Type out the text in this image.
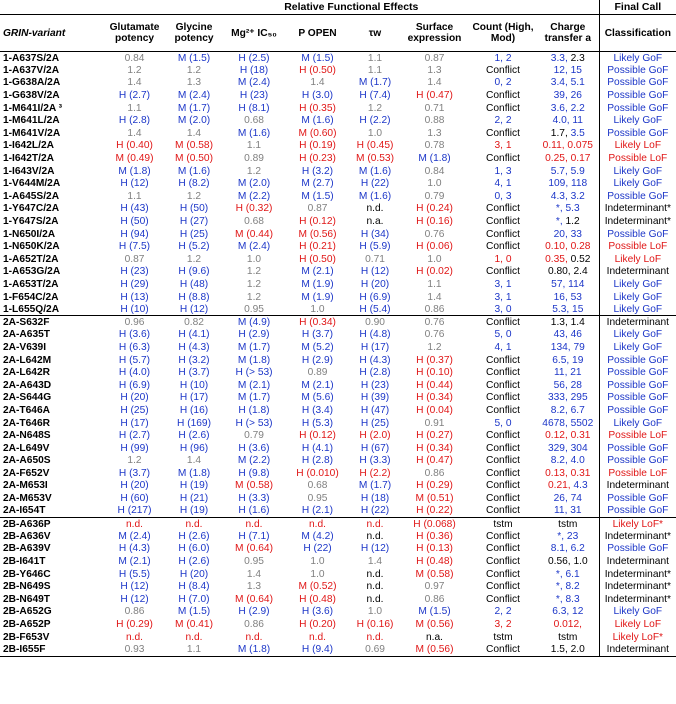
	Relative Functional Effects								Final Call
GRIN-variant	Glutamate potency	Glycine potency	Mg²⁺ IC₅₀	P OPEN	τw	Surface expression	Count (High, Mod)	Charge transfer a	Classification
1-A637S/2A	0.84	M (1.5)	H (2.5)	M (1.5)	1.1	0.87	1, 2	3.3, 2.3	Likely GoF
1-A637V/2A	1.2	1.2	H (18)	H (0.50)	1.1	1.3	Conflict	12, 15	Possible GoF
1-G638A/2A	1.4	1.3	M (2.4)	1.4	M (1.7)	1.4	0, 2	3.4, 5.1	Possible GoF
1-G638V/2A	H (2.7)	M (2.4)	H (23)	H (3.0)	H (7.4)	H (0.47)	Conflict	39, 26	Possible GoF
1-M641I/2A ³	1.1	M (1.7)	H (8.1)	H (0.35)	1.2	0.71	Conflict	3.6, 2.2	Possible GoF
1-M641L/2A	H (2.8)	M (2.0)	0.68	M (1.6)	H (2.2)	0.88	2, 2	4.0, 11	Likely GoF
1-M641V/2A	1.4	1.4	M (1.6)	M (0.60)	1.0	1.3	Conflict	1.7, 3.5	Possible GoF
1-I642L/2A	H (0.40)	M (0.58)	1.1	H (0.19)	H (0.45)	0.78	3, 1	0.11, 0.075	Likely LoF
1-I642T/2A	M (0.49)	M (0.50)	0.89	H (0.23)	M (0.53)	M (1.8)	Conflict	0.25, 0.17	Possible LoF
1-I643V/2A	M (1.8)	M (1.6)	1.2	H (3.2)	M (1.6)	0.84	1, 3	5.7, 5.9	Likely GoF
1-V644M/2A	H (12)	H (8.2)	M (2.0)	M (2.7)	H (22)	1.0	4, 1	109, 118	Likely GoF
1-A645S/2A	1.1	1.2	M (2.2)	M (1.5)	M (1.6)	0.79	0, 3	4.3, 3.2	Possible GoF
1-Y647C/2A	H (43)	H (50)	H (0.32)	0.87	n.d.	H (0.24)	Conflict	*, 5.3	Indeterminant*
1-Y647S/2A	H (50)	H (27)	0.68	H (0.12)	n.a.	H (0.16)	Conflict	*, 1.2	Indeterminant*
1-N650I/2A	H (94)	H (25)	M (0.44)	M (0.56)	H (34)	0.76	Conflict	20, 33	Possible GoF
1-N650K/2A	H (7.5)	H (5.2)	M (2.4)	H (0.21)	H (5.9)	H (0.06)	Conflict	0.10, 0.28	Possible LoF
1-A652T/2A	0.87	1.2	1.0	H (0.50)	0.71	1.0	1, 0	0.35, 0.52	Likely LoF
1-A653G/2A	H (23)	H (9.6)	1.2	M (2.1)	H (12)	H (0.02)	Conflict	0.80, 2.4	Indeterminant
1-A653T/2A	H (29)	H (48)	1.2	M (1.9)	H (20)	1.1	3, 1	57, 114	Likely GoF
1-F654C/2A	H (13)	H (8.8)	1.2	M (1.9)	H (6.9)	1.4	3, 1	16, 53	Likely GoF
1-L655Q/2A	H (10)	H (12)	0.95	1.0	H (5.4)	0.86	3, 0	5.3, 15	Likely GoF
2A-S632F	0.96	0.82	M (4.9)	H (0.34)	0.90	0.76	Conflict	1.3, 1.4	Indeterminant
2A-A635T	H (3.6)	H (4.1)	H (2.9)	H (3.7)	H (4.8)	0.76	5, 0	43, 46	Likely GoF
2A-V639I	H (6.3)	H (4.3)	M (1.7)	M (5.2)	H (17)	1.2	4, 1	134, 79	Likely GoF
2A-L642M	H (5.7)	H (3.2)	M (1.8)	H (2.9)	H (4.3)	H (0.37)	Conflict	6.5, 19	Possible GoF
2A-L642R	H (4.0)	H (3.7)	H (> 53)	0.89	H (2.8)	H (0.10)	Conflict	11, 21	Possible GoF
2A-A643D	H (6.9)	H (10)	M (2.1)	M (2.1)	H (23)	H (0.44)	Conflict	56, 28	Possible GoF
2A-S644G	H (20)	H (17)	M (1.7)	M (5.6)	H (39)	H (0.34)	Conflict	333, 295	Possible GoF
2A-T646A	H (25)	H (16)	H (1.8)	H (3.4)	H (47)	H (0.04)	Conflict	8.2, 6.7	Possible GoF
2A-T646R	H (17)	H (169)	H (> 53)	H (5.3)	H (25)	0.91	5, 0	4678, 5502	Likely GoF
2A-N648S	H (2.7)	H (2.6)	0.79	H (0.12)	H (2.0)	H (0.27)	Conflict	0.12, 0.31	Possible LoF
2A-L649V	H (99)	H (96)	H (3.6)	H (4.1)	H (67)	H (0.34)	Conflict	329, 304	Possible GoF
2A-A650S	1.2	1.4	M (2.2)	H (2.8)	H (3.3)	H (0.47)	Conflict	8.2, 4.0	Possible GoF
2A-F652V	H (3.7)	M (1.8)	H (9.8)	H (0.010)	H (2.2)	0.86	Conflict	0.13, 0.31	Possible LoF
2A-M653I	H (20)	H (19)	M (0.58)	0.68	M (1.7)	H (0.29)	Conflict	0.21, 4.3	Indeterminant
2A-M653V	H (60)	H (21)	H (3.3)	0.95	H (18)	M (0.51)	Conflict	26, 74	Possible GoF
2A-I654T	H (217)	H (19)	H (1.6)	H (2.1)	H (22)	H (0.22)	Conflict	11, 31	Possible GoF
2B-A636P	n.d.	n.d.	n.d.	n.d.	n.d.	H (0.068)	tstm	tstm	Likely LoF*
2B-A636V	M (2.4)	H (2.6)	H (7.1)	M (4.2)	n.d.	H (0.36)	Conflict	*, 23	Indeterminant*
2B-A639V	H (4.3)	H (6.0)	M (0.64)	H (22)	H (12)	H (0.13)	Conflict	8.1, 6.2	Possible GoF
2B-I641T	M (2.1)	H (2.6)	0.95	1.0	1.4	H (0.48)	Conflict	0.56, 1.0	Indeterminant
2B-Y646C	H (5.5)	H (20)	1.4	1.0	n.d.	M (0.58)	Conflict	*, 6.1	Indeterminant*
2B-N649S	H (12)	H (8.4)	1.3	M (0.52)	n.d.	0.97	Conflict	*, 8.2	Indeterminant*
2B-N649T	H (12)	H (7.0)	M (0.64)	H (0.48)	n.d.	0.86	Conflict	*, 8.3	Indeterminant*
2B-A652G	0.86	M (1.5)	H (2.9)	H (3.6)	1.0	M (1.5)	2, 2	6.3, 12	Likely GoF
2B-A652P	H (0.29)	M (0.41)	0.86	H (0.20)	H (0.16)	M (0.56)	3, 2	0.012,	Likely LoF
2B-F653V	n.d.	n.d.	n.d.	n.d.	n.d.	n.a.	tstm	tstm	Likely LoF*
2B-I655F	0.93	1.1	M (1.8)	H (9.4)	0.69	M (0.56)	Conflict	1.5, 2.0	Indeterminant
